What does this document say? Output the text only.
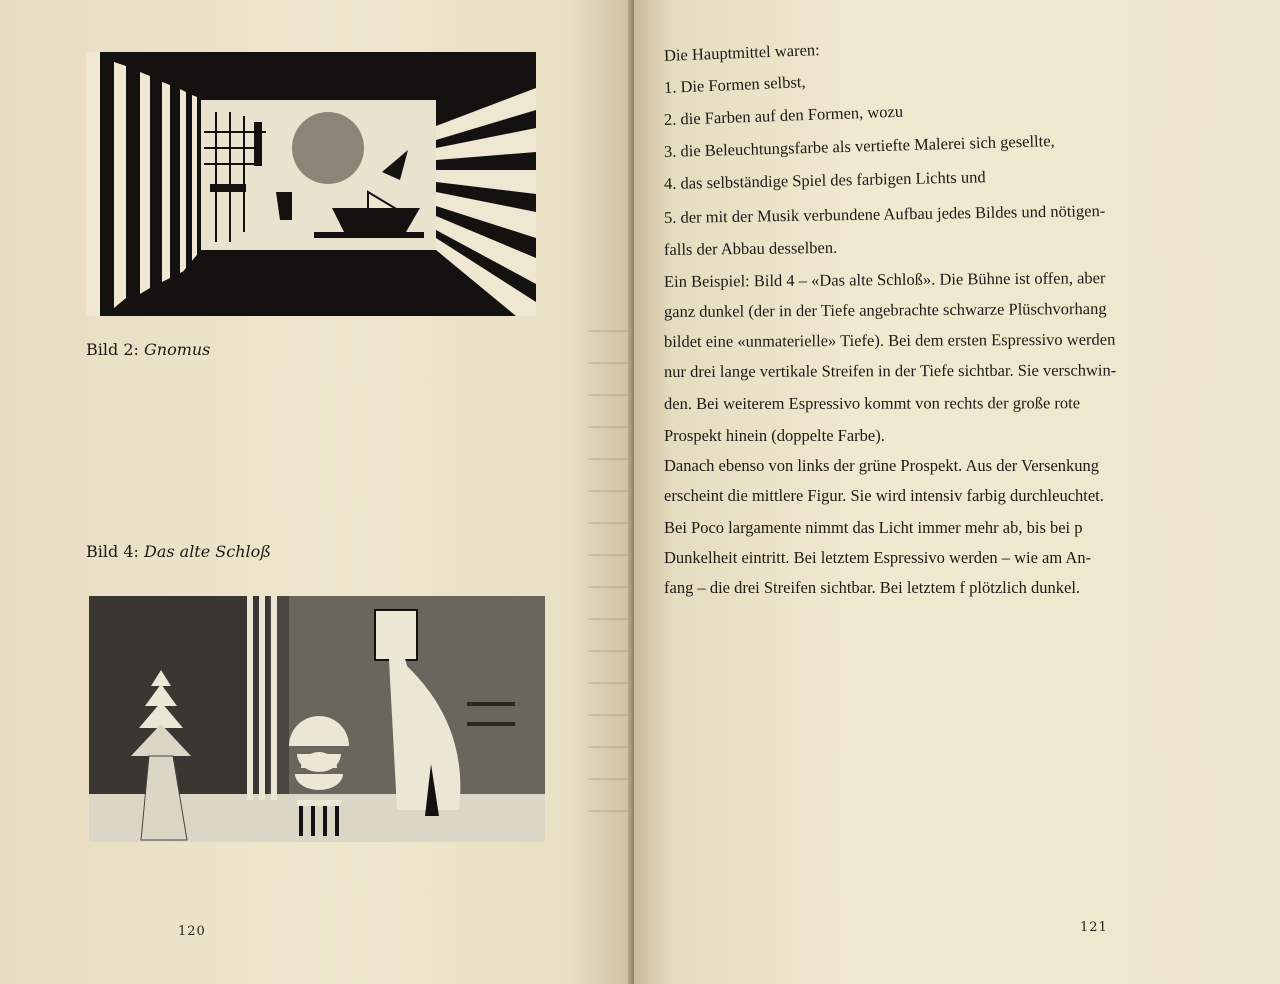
Bild 2: Gnomus
Bild 4: Das alte Schloß
120	121
Die Hauptmittel waren:
1. Die Formen selbst,
2. die Farben auf den Formen, wozu
3. die Beleuchtungsfarbe als vertiefte Malerei sich gesellte,
4. das selbständige Spiel des farbigen Lichts und
5. der mit der Musik verbundene Aufbau jedes Bildes und nötigen-
falls der Abbau desselben.
Ein Beispiel: Bild 4 – «Das alte Schloß». Die Bühne ist offen, aber
ganz dunkel (der in der Tiefe angebrachte schwarze Plüschvorhang
bildet eine «unmaterielle» Tiefe). Bei dem ersten Espressivo werden
nur drei lange vertikale Streifen in der Tiefe sichtbar. Sie verschwin-
den. Bei weiterem Espressivo kommt von rechts der große rote
Prospekt hinein (doppelte Farbe).
Danach ebenso von links der grüne Prospekt. Aus der Versenkung
erscheint die mittlere Figur. Sie wird intensiv farbig durchleuchtet.
Bei Poco largamente nimmt das Licht immer mehr ab, bis bei p
Dunkelheit eintritt. Bei letztem Espressivo werden – wie am An-
fang – die drei Streifen sichtbar. Bei letztem f plötzlich dunkel.
